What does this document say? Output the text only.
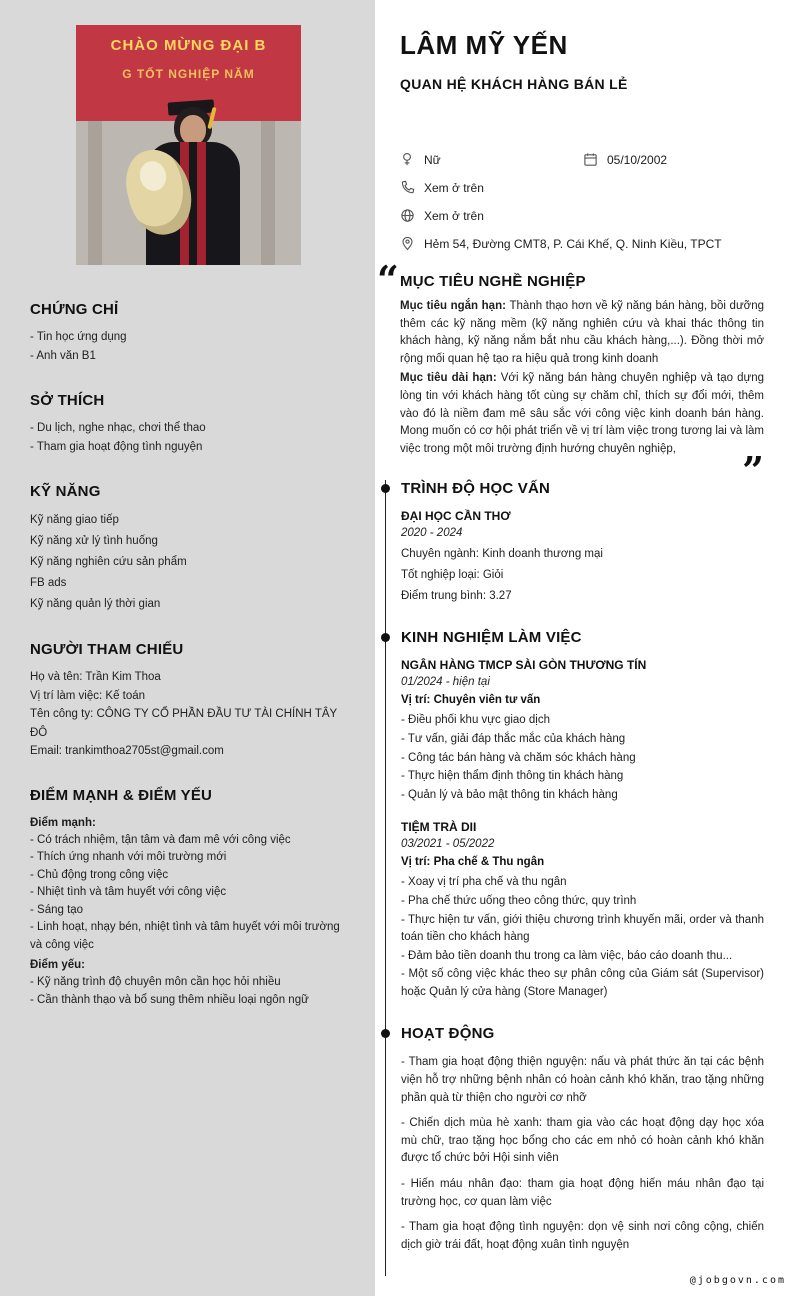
CHÀO MỪNG ĐẠI B
G TỐT NGHIỆP NĂM
CHỨNG CHỈ
- Tin học ứng dụng
- Anh văn B1
SỞ THÍCH
- Du lịch, nghe nhạc, chơi thể thao
- Tham gia hoạt động tình nguyện
KỸ NĂNG
Kỹ năng giao tiếp
Kỹ năng xử lý tình huống
Kỹ năng nghiên cứu sản phẩm
FB ads
Kỹ năng quản lý thời gian
NGƯỜI THAM CHIẾU
Họ và tên: Trần Kim Thoa
Vị trí làm việc: Kế toán
Tên công ty: CÔNG TY CỔ PHẦN ĐẦU TƯ TÀI CHÍNH TÂY ĐÔ
Email: trankimthoa2705st@gmail.com
ĐIỂM MẠNH & ĐIỂM YẾU
Điểm mạnh:
- Có trách nhiệm, tận tâm và đam mê với công việc
- Thích ứng nhanh với môi trường mới
- Chủ động trong công việc
- Nhiệt tình và tâm huyết với công việc
- Sáng tạo
- Linh hoạt, nhạy bén, nhiệt tình và tâm huyết với môi trường và công việc
Điểm yếu:
- Kỹ năng trình độ chuyên môn cần học hỏi nhiều
- Cần thành thạo và bổ sung thêm nhiều loại ngôn ngữ
LÂM MỸ YẾN
QUAN HỆ KHÁCH HÀNG BÁN LẺ
Nữ	05/10/2002
Xem ở trên
Xem ở trên
Hẻm 54, Đường CMT8, P. Cái Khế, Q. Ninh Kiều, TPCT
“ MỤC TIÊU NGHỀ NGHIỆP

Mục tiêu ngắn hạn: Thành thạo hơn về kỹ năng bán hàng, bồi dưỡng thêm các kỹ năng mềm (kỹ năng nghiên cứu và khai thác thông tin khách hàng, kỹ năng nắm bắt nhu cầu khách hàng,...). Đồng thời mở rộng mối quan hệ tạo ra hiệu quả trong kinh doanh

Mục tiêu dài hạn: Với kỹ năng bán hàng chuyên nghiệp và tạo dựng lòng tin với khách hàng tốt cùng sự chăm chỉ, thích sự đổi mới, thêm vào đó là niềm đam mê sâu sắc với công việc kinh doanh bán hàng. Mong muốn có cơ hội phát triển về vị trí làm việc trong tương lai và làm việc trong một môi trường định hướng chuyên nghiệp,	”
TRÌNH ĐỘ HỌC VẤN
ĐẠI HỌC CẦN THƠ
2020 - 2024
Chuyên ngành: Kinh doanh thương mại
Tốt nghiệp loại: Giỏi
Điểm trung bình: 3.27
KINH NGHIỆM LÀM VIỆC
NGÂN HÀNG TMCP SÀI GÒN THƯƠNG TÍN
01/2024 - hiện tại
Vị trí: Chuyên viên tư vấn
- Điều phối khu vực giao dịch
- Tư vấn, giải đáp thắc mắc của khách hàng
- Công tác bán hàng và chăm sóc khách hàng
- Thực hiện thẩm định thông tin khách hàng
- Quản lý và bảo mật thông tin khách hàng
TIỆM TRÀ DII
03/2021 - 05/2022
Vị trí: Pha chế & Thu ngân
- Xoay vị trí pha chế và thu ngân
- Pha chế thức uống theo công thức, quy trình
- Thực hiện tư vấn, giới thiệu chương trình khuyến mãi, order và thanh toán tiền cho khách hàng
- Đảm bảo tiền doanh thu trong ca làm việc, báo cáo doanh thu...
- Một số công việc khác theo sự phân công của Giám sát (Supervisor) hoặc Quản lý cửa hàng (Store Manager)
HOẠT ĐỘNG

- Tham gia hoạt động thiện nguyện: nấu và phát thức ăn tại các bệnh viện hỗ trợ những bệnh nhân có hoàn cảnh khó khăn, trao tặng những phần quà từ thiện cho người cơ nhỡ

- Chiến dịch mùa hè xanh: tham gia vào các hoạt động dạy học xóa mù chữ, trao tặng học bổng cho các em nhỏ có hoàn cảnh khó khăn được tổ chức bởi Hội sinh viên

- Hiến máu nhân đạo: tham gia hoạt động hiến máu nhân đạo tại trường học, cơ quan làm việc

- Tham gia hoạt động tình nguyện: dọn vệ sinh nơi công cộng, chiến dịch giờ trái đất, hoạt động xuân tình nguyện

@jobgovn.com
